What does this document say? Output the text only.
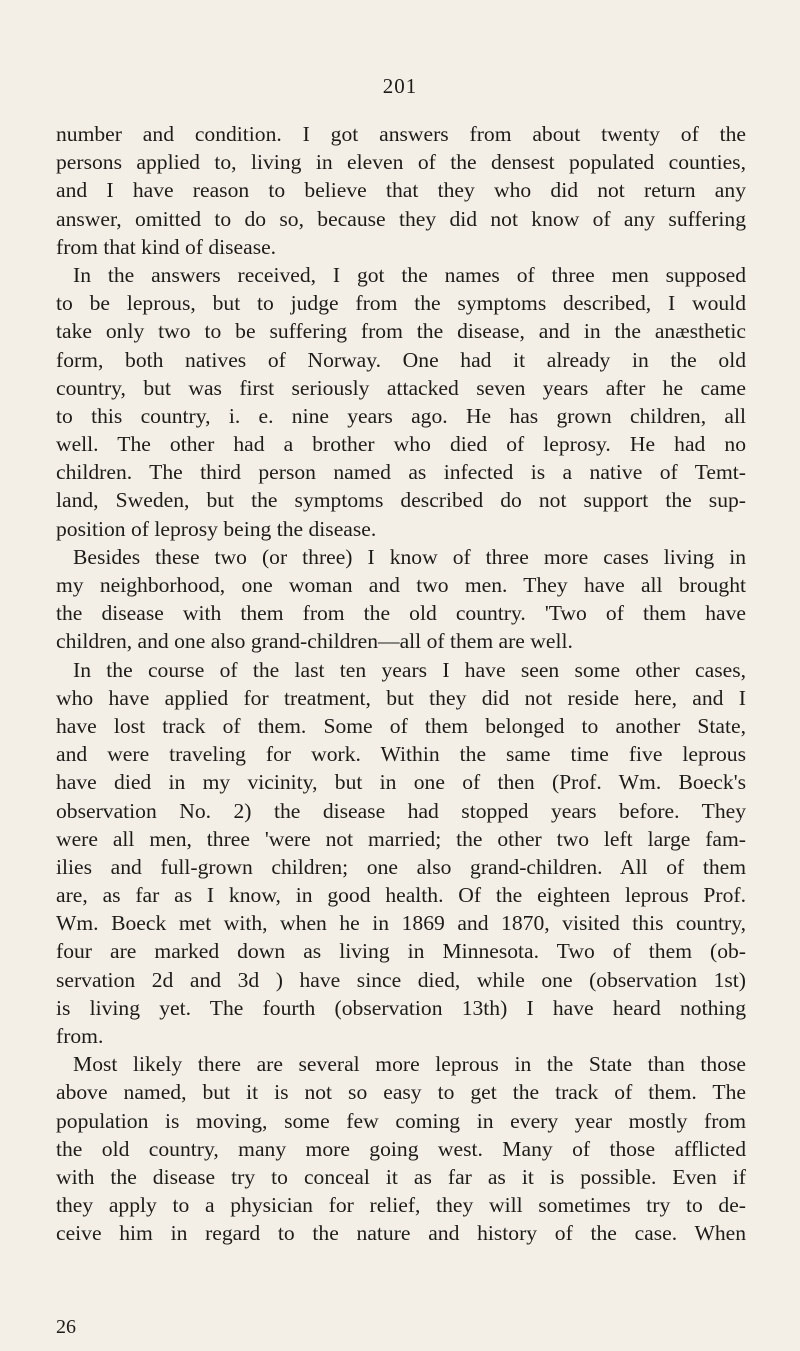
201
number and condition. I got answers from about twenty of the
persons applied to, living in eleven of the densest populated counties,
and I have reason to believe that they who did not return any
answer, omitted to do so, because they did not know of any suffering
from that kind of disease.
In the answers received, I got the names of three men supposed
to be leprous, but to judge from the symptoms described, I would
take only two to be suffering from the disease, and in the anæsthetic
form, both natives of Norway. One had it already in the old
country, but was first seriously attacked seven years after he came
to this country, i. e. nine years ago. He has grown children, all
well. The other had a brother who died of leprosy. He had no
children. The third person named as infected is a native of Temt-
land, Sweden, but the symptoms described do not support the sup-
position of leprosy being the disease.
Besides these two (or three) I know of three more cases living in
my neighborhood, one woman and two men. They have all brought
the disease with them from the old country. 'Two of them have
children, and one also grand-children—all of them are well.
In the course of the last ten years I have seen some other cases,
who have applied for treatment, but they did not reside here, and I
have lost track of them. Some of them belonged to another State,
and were traveling for work. Within the same time five leprous
have died in my vicinity, but in one of then (Prof. Wm. Boeck's
observation No. 2) the disease had stopped years before. They
were all men, three 'were not married; the other two left large fam-
ilies and full-grown children; one also grand-children. All of them
are, as far as I know, in good health. Of the eighteen leprous Prof.
Wm. Boeck met with, when he in 1869 and 1870, visited this country,
four are marked down as living in Minnesota. Two of them (ob-
servation 2d and 3d ) have since died, while one (observation 1st)
is living yet. The fourth (observation 13th) I have heard nothing
from.
Most likely there are several more leprous in the State than those
above named, but it is not so easy to get the track of them. The
population is moving, some few coming in every year mostly from
the old country, many more going west. Many of those afflicted
with the disease try to conceal it as far as it is possible. Even if
they apply to a physician for relief, they will sometimes try to de-
ceive him in regard to the nature and history of the case. When
26
